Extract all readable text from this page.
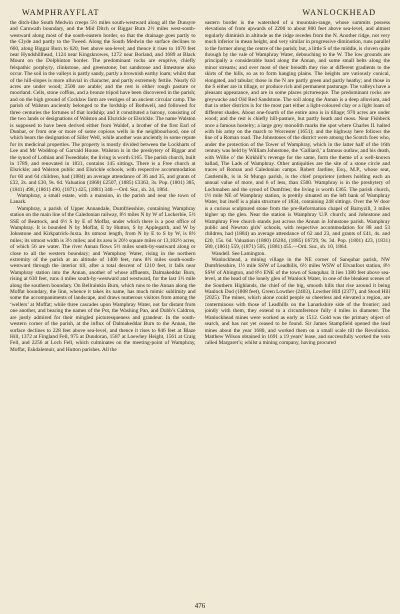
WAMPHRAYFLAT	WANLOCKHEAD

the ditch-like South Medwin creeps 5½ miles south-westward along all the Dunsyre and Carnwath boundary, and the Mid Ditch or Biggar Burn 2½ miles west-south-westward along most of the south-eastern border, so that the drainage goes partly to the Clyde and partly to the Tweed. Along the South Medwin the surface declines to 660, along Biggar Burn to 620, feet above sea-level; and thence it rises to 1070 feet near Hyndshillhead, 1124 near Kingsknowes, 1272 near Borland, and 1689 at Black Mount on the Dolphinton border. The predominant rocks are eruptive, chiefly felspathic porphyry, clinkstone, and greenstone; but sandstone and limestone also occur. The soil in the valleys is partly sandy, partly a brownish earthy loam; whilst that of the hill-slopes is more alluvial in character, and partly extremely fertile. Nearly 63 acres are under wood; 2500 are arable; and the rest is either rough pasture or moorland. Cells, stone coffins, and a bronze tripod have been discovered in the parish; and on the high ground of Cocklaw farm are vestiges of an ancient circular camp. The parish of Walston anciently belonged to the lordship of Bothwell, and followed for three centuries the fortunes of that lordship; and it constituted a barony, consisting of the two lands or designations of Walston and Elsrickle or Elsrickle. The name Walston is supposed to have been derived either from Waldef, a brother of the first Earl of Dunbar, or from one or more of some copious wells in the neighbourhood, one of which bears the designation of Siller Well, while another was anciently in some repute for its medicinal properties. The property is mostly divided between the Lockharts of Lee and Mr Woddrop of Garvald House. Walston is in the presbytery of Biggar and the synod of Lothian and Tweeddale; the living is worth £165. The parish church, built in 1789, and renovated in 1831, contains 145 sittings. There is a Free church at Elsrickle; and Walston public and Elsrickle schools, with respective accommodation for 60 and 64 children, had (1884) an average attendance of 36 and 35, and grants of £32, 2s. and £30, 9s. 6d. Valuation (1860) £2507, (1885) £3363, 3s. Pop. (1801) 385, (1841) 498, (1861) 490, (1871) 425, (1881) 340.—Ord. Sur., sh. 24, 1864.

Wamphray, a small estate, with a mansion, in the parish and near the town of Lanark.

Wamphray, a parish of Upper Annandale, Dumfriesshire, containing Wamphray station on the main line of the Caledonian railway, 8½ miles N by W of Lockerbie, 5½ SSE of Beattock, and 6½ S by E of Moffat, under which there is a post office of Wamphray. It is bounded N by Moffat, E by Hutton, S by Applegarth, and W by Johnstone and Kirkpatrick-Juxta. Its utmost length, from N by E to S by W, is 8½ miles; its utmost width is 3½ miles; and its area is 20½ square miles or 13,102½ acres, of which 56 are water. The river Annan flows 5½ miles south-by-eastward along or close to all the western boundary; and Wamphray Water, rising in the northern extremity of the parish at an altitude of 1400 feet, runs 8½ miles south-south-westward through the interior till, after a total descent of 1210 feet, it falls near Wamphray station into the Annan, another of whose affluents, Dalmakeddar Burn, rising at 630 feet, runs 4 miles south-by-westward and westward, for the last 1½ mile along the southern boundary. On Bellrainkin Burn, which runs to the Annan along the Moffat boundary, the linn, whence it takes its name, has much mimic sublimity and some the accompaniments of landscape, and draws numerous visitors from among the ‘wellers’ at Moffat; while three cascades upon Wamphray Water, not far distant from one another, and bearing the names of the Pot, the Washing Pan, and Dubb’s Caldron, are justly admired for their mingled picturesqueness and grandeur. In the south-western corner of the parish, at the influx of Dalmakeddar Burn to the Annan, the surface declines to 228 feet above sea-level, and thence it rises to 846 feet at Blaze Hill, 1372 at Fingland Fell, 975 at Dundoran, 1587 at Loewhey Height, 1561 at Craig Fell, and 2256 at Loch Fell, which culminates on the meeting-point of Wamphray, Moffat, Eskdalemuir, and Hutton parishes. All the

eastern border is the watershed of a mountain-range, whose summits possess elevations of from upwards of 2200 to about 800 feet above sea-level, and almost regularly diminish in altitude as the ridge recedes from the N. Another ridge, not very much inferior in mean height, and very similar in progressive diminution, runs parallel to the former along the centre of the parish; but, a little S of the middle, is cloven quite through by the vale of Wamphray Water, debouching to the W. The low grounds are principally a considerable band along the Annan, and some small belts along the minor streams; and over most of their breadth they rise at different gradients to the skirts of the hills, so as to form hanging plains. The heights are variously conical, elongated, and tabular; those in the N are partly green and partly heathy; and those in the S either are in tillage, or produce rich and permanent pasturage. The valleys have a pleasant appearance, and are in some places picturesque. The predominant rocks are greywacke and Old Red Sandstone. The soil along the Annan is a deep alluvium, and that in other districts is for the most part either a light-coloured clay or a light loam of different shades. About one-fourth of the entire area is in tillage; 970 acres are under wood; and the rest is chiefly hill-pasture, but partly heath and moss. Near Fishbeck once a famous hostelry; a large grey monolith marks the spot where Charles II. halted with his army on the march to Worcester (1651); and the highway here follows the line of a Roman road. The Johnstones of the district were among the Scotch foes who, under the protection of the Tower of Wamphray, which in the latter half of the 16th century was held by William Johnstone, the ‘Galliard,’ a famous outlaw, and his death, with Willie o’ the Kirkhill’s revenge for the same, form the theme of a well-known ballad, The Lads of Wamphray. Other antiquities are the site of a stone circle and traces of Roman and Caledonian camps. Robert Jardine, Esq., M.P., whose seat, Castlemilk, is in St Mungo parish, is the chief proprietor (others holding each an annual value of more, and 6 of less, than £500. Wamphray is in the presbytery of Lochmaben and the synod of Dumfries; the living is worth £365. The parish church, 1½ mile NE of Wamphray station, is prettily situated on the left bank of Wamphray Water, but itself is a plain structure of 1834, containing 248 sittings. Over the W door is a curious sculptured stone from the pre-Reformation chapel of Barnyzill, 3 miles higher up the glen. Near the station is Wamphray U.P. church; and Johnstone and Wamphray Free church stands just across the Annan in Johnstone parish. Wamphray public and Newton girls’ schools, with respective accommodation for 88 and 53 children, had (1884) an average attendance of 62 and 23, and grants of £41, 4s. and £20, 15s. 6d. Valuation (1860) £6284, (1885) £6729, 9s. 3d. Pop. (1801) 423, (1831) 580, (1861) 559, (1871) 505, (1881) 455.—Ord. Sur., sh. 10, 1864.

Wandell. See Lamington.

Wanlockhead, a mining village in the NE corner of Sanquhar parish, NW Dumfriesshire, 1½ mile SSW of Leadhills, 6½ miles WSW of Elvanfoot station, 8½ SSW of Abington, and 8½ ENE of the town of Sanquhar. It lies 1380 feet above sea-level, at the head of the lonely glen of Wanlock Water, in one of the bleakest scenes of the Southern Highlands, the chief of the big, smooth hills that rise around it being Wanlock Dod (1808 feet), Green Lowther (2403), Lowther Hill (2377), and Stood Hill (2025). The mines, which alone could people so cheerless and elevated a region, are conterminous with those of Leadhills on the Lanarkshire side of the frontier; and jointly with them, they extend to a circumference fully 4 miles in diameter. The Wanlockhead mines were worked as early as 1512. Gold was the primary object of search, and has not yet ceased to be found. Sir James Stampfield opened the lead mines about the year 1680, and worked them on a small scale till the Revolution. Matthew Wilson obtained in 1691 a 19 years’ lease, and successfully worked the vein called Margaret’s; whilst a mining company, having procured

476
